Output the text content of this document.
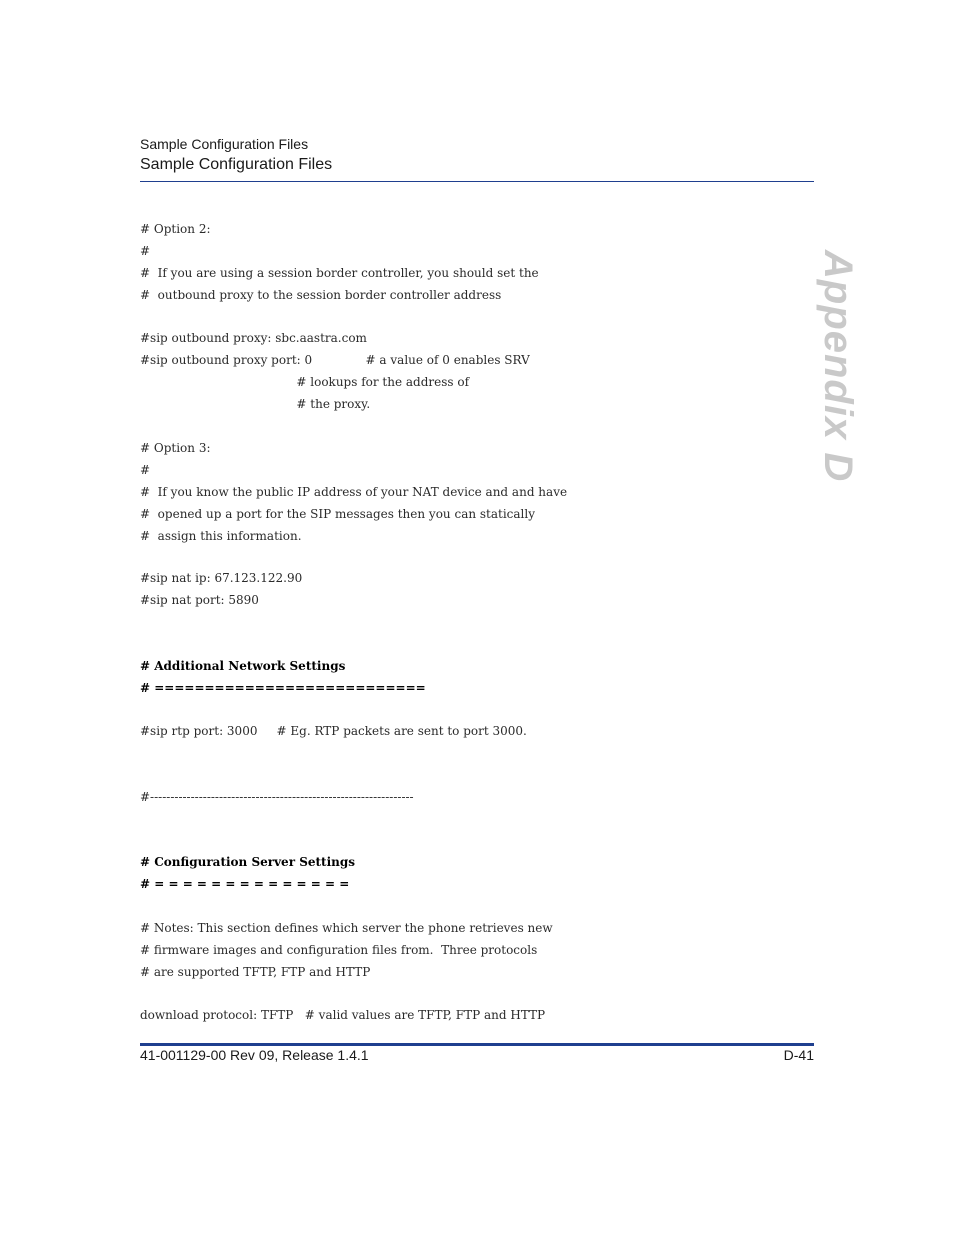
Sample Configuration Files
Sample Configuration Files
Appendix D
# Option 2:
#
#  If you are using a session border controller, you should set the
#  outbound proxy to the session border controller address
#sip outbound proxy: sbc.aastra.com
#sip outbound proxy port: 0              # a value of 0 enables SRV
# lookups for the address of
# the proxy.
# Option 3:
#
#  If you know the public IP address of your NAT device and and have
#  opened up a port for the SIP messages then you can statically
#  assign this information.
#sip nat ip: 67.123.122.90
#sip nat port: 5890
# Additional Network Settings
# ===========================
#sip rtp port: 3000     # Eg. RTP packets are sent to port 3000.
#-----------------------------------------------------------------
# Configuration Server Settings
# = = = = = = = = = = = = = =
# Notes: This section defines which server the phone retrieves new
# firmware images and configuration files from.  Three protocols
# are supported TFTP, FTP and HTTP
download protocol: TFTP   # valid values are TFTP, FTP and HTTP
41-001129-00 Rev 09, Release 1.4.1	D-41
